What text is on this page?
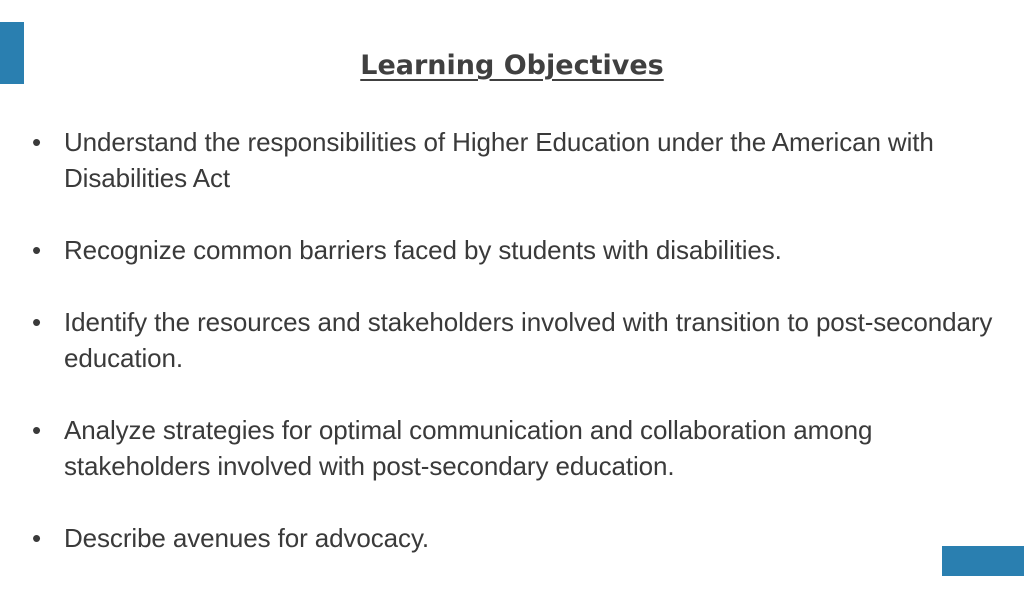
Learning Objectives
• Understand the responsibilities of Higher Education under the American with Disabilities Act
• Recognize common barriers faced by students with disabilities.
• Identify the resources and stakeholders involved with transition to post-secondary education.
• Analyze strategies for optimal communication and collaboration among stakeholders involved with post-secondary education.
• Describe avenues for advocacy.
